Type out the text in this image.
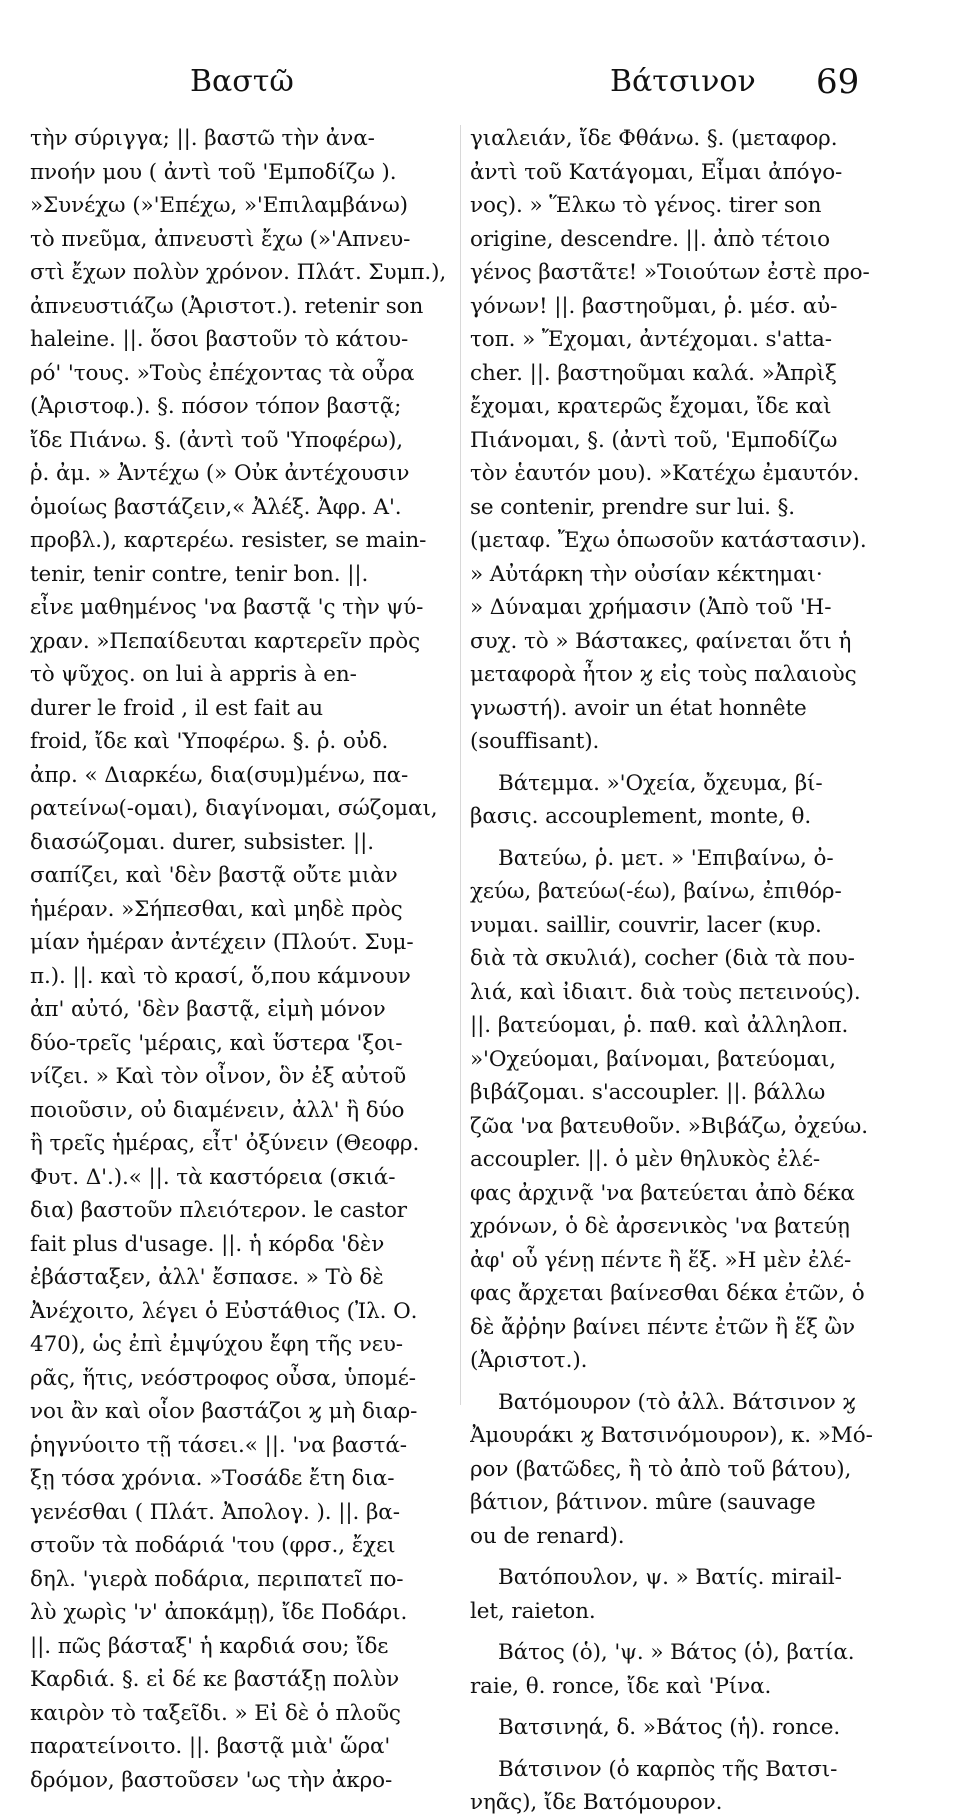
Βαστῶ	Βάτσινον 69
τὴν σύριγγα; ||. βαστῶ τὴν ἀνα-
πνοήν μου ( ἀντὶ τοῦ 'Εμποδίζω ).
»Συνέχω (»'Επέχω, »'Επιλαμβάνω)
τὸ πνεῦμα, ἀπνευστὶ ἔχω (»'Απνευ-
στὶ ἔχων πολὺν χρόνον. Πλάτ. Συμπ.),
ἀπνευστιάζω (Ἀριστοτ.). retenir son
haleine. ||. ὅσοι βαστοῦν τὸ κάτου-
ρό' 'τους. »Τοὺς ἐπέχοντας τὰ οὖρα
(Ἀριστοφ.). §. πόσον τόπον βαστᾷ;
ἴδε Πιάνω. §. (ἀντὶ τοῦ 'Υποφέρω),
ῥ. ἀμ. » Ἀντέχω (» Οὐκ ἀντέχουσιν
ὁμοίως βαστάζειν,« Ἀλέξ. Ἀφρ. Α'.
προβλ.), καρτερέω. resister, se main-
tenir, tenir contre, tenir bon. ||.
εἶνε μαθημένος 'να βαστᾷ 'ς τὴν ψύ-
χραν. »Πεπαίδευται καρτερεῖν πρὸς
τὸ ψῦχος. on lui à appris à en-
durer le froid , il est fait au
froid, ἴδε καὶ 'Υποφέρω. §. ῥ. οὐδ.
ἀπρ. « Διαρκέω, δια(συμ)μένω, πα-
ρατείνω(-ομαι), διαγίνομαι, σώζομαι,
διασώζομαι. durer, subsister. ||.
σαπίζει, καὶ 'δὲν βαστᾷ οὔτε μιὰν
ἡμέραν. »Σήπεσθαι, καὶ μηδὲ πρὸς
μίαν ἡμέραν ἀντέχειν (Πλούτ. Συμ-
π.). ||. καὶ τὸ κρασί, ὅ,που κάμνουν
ἀπ' αὐτό, 'δὲν βαστᾷ, εἰμὴ μόνον
δύο-τρεῖς 'μέραις, καὶ ὕστερα 'ξοι-
νίζει. » Καὶ τὸν οἶνον, ὃν ἐξ αὐτοῦ
ποιοῦσιν, οὐ διαμένειν, ἀλλ' ἢ δύο
ἢ τρεῖς ἡμέρας, εἶτ' ὀξύνειν (Θεοφρ.
Φυτ. Δ'.).« ||. τὰ καστόρεια (σκιά-
δια) βαστοῦν πλειότερον. le castor
fait plus d'usage. ||. ἡ κόρδα 'δὲν
ἐβάσταξεν, ἀλλ' ἔσπασε. » Τὸ δὲ
Ἀνέχοιτο, λέγει ὁ Εὐστάθιος (Ἰλ. Ο.
470), ὡς ἐπὶ ἐμψύχου ἔφη τῆς νευ-
ρᾶς, ἥτις, νεόστροφος οὖσα, ὑπομέ-
νοι ἂν καὶ οἷον βαστάζοι ϗ μὴ διαρ-
ῥηγνύοιτο τῇ τάσει.« ||. 'να βαστά-
ξῃ τόσα χρόνια. »Τοσάδε ἔτη δια-
γενέσθαι ( Πλάτ. Ἀπολογ. ). ||. βα-
στοῦν τὰ ποδάριά 'του (φρσ., ἔχει
δηλ. 'γιερὰ ποδάρια, περιπατεῖ πο-
λὺ χωρὶς 'ν' ἀποκάμῃ), ἴδε Ποδάρι.
||. πῶς βάσταξ' ἡ καρδιά σου; ἴδε
Καρδιά. §. εἰ δέ κε βαστάξῃ πολὺν
καιρὸν τὸ ταξεῖδι. » Εἰ δὲ ὁ πλοῦς
παρατείνοιτο. ||. βαστᾷ μιὰ' ὥρα'
δρόμον, βαστοῦσεν 'ως τὴν ἀκρο-
γιαλειάν, ἴδε Φθάνω. §. (μεταφορ.
ἀντὶ τοῦ Κατάγομαι, Εἶμαι ἀπόγο-
νος). » Ἕλκω τὸ γένος. tirer son
origine, descendre. ||. ἀπὸ τέτοιο
γένος βαστᾶτε! »Τοιούτων ἐστὲ προ-
γόνων! ||. βαστηοῦμαι, ῥ. μέσ. αὐ-
τοπ. » Ἔχομαι, ἀντέχομαι. s'atta-
cher. ||. βαστηοῦμαι καλά. »Ἀπρὶξ
ἔχομαι, κρατερῶς ἔχομαι, ἴδε καὶ
Πιάνομαι, §. (ἀντὶ τοῦ, 'Εμποδίζω
τὸν ἑαυτόν μου). »Κατέχω ἐμαυτόν.
se contenir, prendre sur lui. §.
(μεταφ. Ἔχω ὁπωσοῦν κατάστασιν).
» Αὐτάρκη τὴν οὐσίαν κέκτημαι·
» Δύναμαι χρήμασιν (Ἀπὸ τοῦ 'Η-
συχ. τὸ » Βάστακες, φαίνεται ὅτι ἡ
μεταφορὰ ἦτον ϗ εἰς τοὺς παλαιοὺς
γνωστή). avoir un état honnête
(souffisant).
Βάτεμμα. »'Οχεία, ὄχευμα, βί-
βασις. accouplement, monte, θ.
Βατεύω, ῥ. μετ. » 'Επιβαίνω, ὀ-
χεύω, βατεύω(-έω), βαίνω, ἐπιθόρ-
νυμαι. saillir, couvrir, lacer (κυρ.
διὰ τὰ σκυλιά), cocher (διὰ τὰ που-
λιά, καὶ ἰδιαιτ. διὰ τοὺς πετεινούς).
||. βατεύομαι, ῥ. παθ. καὶ ἀλληλοπ.
»'Οχεύομαι, βαίνομαι, βατεύομαι,
βιβάζομαι. s'accoupler. ||. βάλλω
ζῶα 'να βατευθοῦν. »Βιβάζω, ὀχεύω.
accoupler. ||. ὁ μὲν θηλυκὸς ἐλέ-
φας ἀρχινᾷ 'να βατεύεται ἀπὸ δέκα
χρόνων, ὁ δὲ ἀρσενικὸς 'να βατεύῃ
ἀφ' οὗ γένῃ πέντε ἢ ἕξ. »Η μὲν ἐλέ-
φας ἄρχεται βαίνεσθαι δέκα ἐτῶν, ὁ
δὲ ἄῤῥην βαίνει πέντε ἐτῶν ἢ ἕξ ὢν
(Ἀριστοτ.).
Βατόμουρον (τὸ ἀλλ. Βάτσινον ϗ
Ἀμουράκι ϗ Βατσινόμουρον), κ. »Μό-
ρον (βατῶδες, ἢ τὸ ἀπὸ τοῦ βάτου),
βάτιον, βάτινον. mûre (sauvage
ou de renard).
Βατόπουλον, ψ. » Βατίς. mirail-
let, raieton.
Βάτος (ὁ), 'ψ. » Βάτος (ὁ), βατία.
raie, θ. ronce, ἴδε καὶ 'Ρίνα.
Βατσινηά, δ. »Βάτος (ἡ). ronce.
Βάτσινον (ὁ καρπὸς τῆς Βατσι-
νηᾶς), ἴδε Βατόμουρον.
